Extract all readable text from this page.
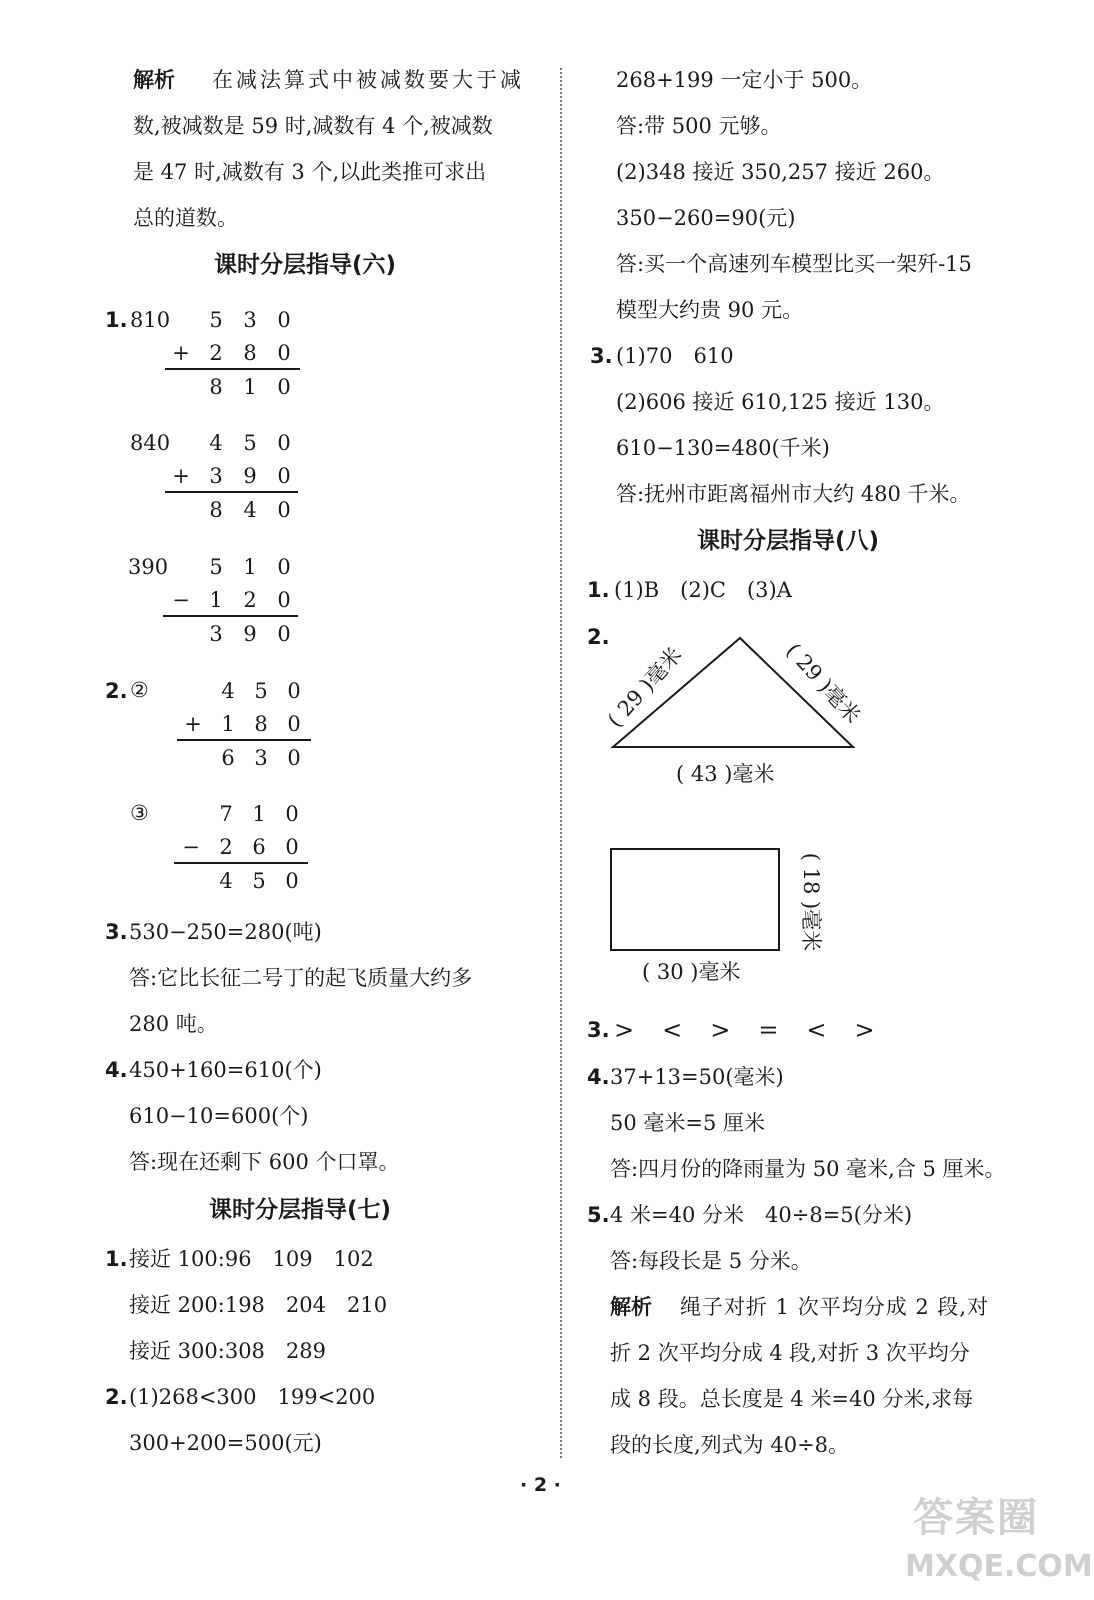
解析 在减法算式中被减数要大于减
数,被减数是 59 时,减数有 4 个,被减数
是 47 时,减数有 3 个,以此类推可求出
总的道数。
课时分层指导(六)
1. 810 5 3 0
+ 2 8 0
8 1 0
840 4 5 0
+ 3 9 0
8 4 0
390 5 1 0
− 1 2 0
3 9 0
2. ②	4 5 0
+ 1 8 0
6 3 0
③	7 1 0
− 2 6 0
4 5 0
3. 530−250=280(吨)
答:它比长征二号丁的起飞质量大约多
280 吨。
4. 450+160=610(个)
610−10=600(个)
答:现在还剩下 600 个口罩。
课时分层指导(七)
1. 接近 100:96　109　102
接近 200:198　204　210
接近 300:308　289
2. (1)268<300　199<200
300+200=500(元)
268+199 一定小于 500。
答:带 500 元够。
(2)348 接近 350,257 接近 260。
350−260=90(元)
答:买一个高速列车模型比买一架歼-15
模型大约贵 90 元。
3. (1)70　610
(2)606 接近 610,125 接近 130。
610−130=480(千米)
答:抚州市距离福州市大约 480 千米。
课时分层指导(八)
1. (1)B　(2)C　(3)A
2.
( 29 )毫米	( 29 )毫米
( 43 )毫米
( 18 )毫米
( 30 )毫米
3. >　<　>　=　<　>
4. 37+13=50(毫米)
50 毫米=5 厘米
答:四月份的降雨量为 50 毫米,合 5 厘米。
5. 4 米=40 分米　40÷8=5(分米)
答:每段长是 5 分米。
解析 绳子对折 1 次平均分成 2 段,对
折 2 次平均分成 4 段,对折 3 次平均分
成 8 段。总长度是 4 米=40 分米,求每
段的长度,列式为 40÷8。
· 2 ·
答案圈
MXQE.COM
